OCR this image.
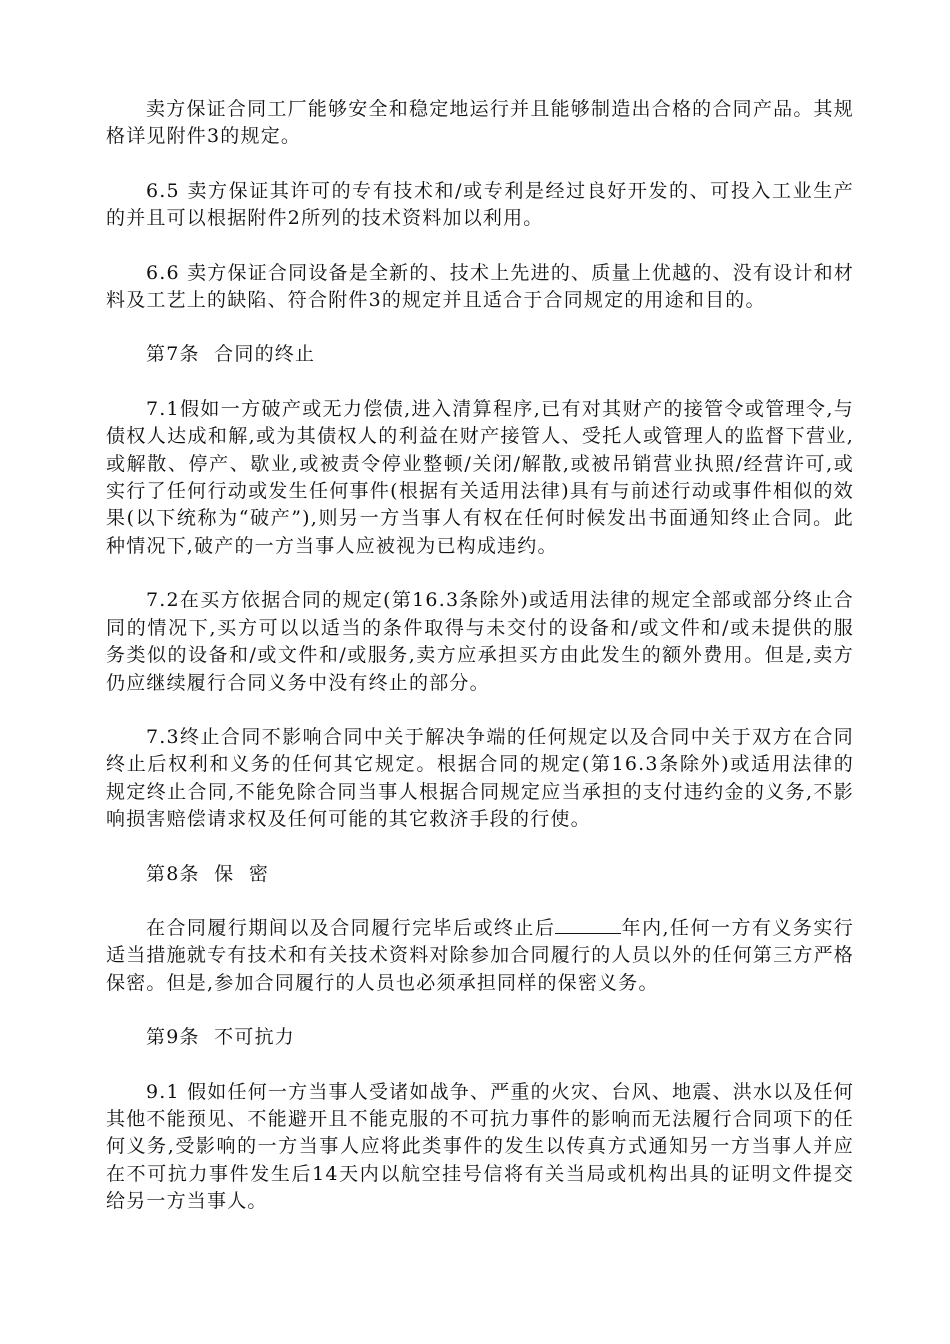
卖方保证合同工厂能够安全和稳定地运行并且能够制造出合格的合同产品。其规格详见附件3的规定。

6.5 卖方保证其许可的专有技术和/或专利是经过良好开发的、可投入工业生产的并且可以根据附件2所列的技术资料加以利用。

6.6 卖方保证合同设备是全新的、技术上先进的、质量上优越的、没有设计和材料及工艺上的缺陷、符合附件3的规定并且适合于合同规定的用途和目的。

第7条  合同的终止

7.1假如一方破产或无力偿债,进入清算程序,已有对其财产的接管令或管理令,与债权人达成和解,或为其债权人的利益在财产接管人、受托人或管理人的监督下营业,或解散、停产、歇业,或被责令停业整顿/关闭/解散,或被吊销营业执照/经营许可,或实行了任何行动或发生任何事件(根据有关适用法律)具有与前述行动或事件相似的效果(以下统称为“破产”),则另一方当事人有权在任何时候发出书面通知终止合同。此种情况下,破产的一方当事人应被视为已构成违约。

7.2在买方依据合同的规定(第16.3条除外)或适用法律的规定全部或部分终止合同的情况下,买方可以以适当的条件取得与未交付的设备和/或文件和/或未提供的服务类似的设备和/或文件和/或服务,卖方应承担买方由此发生的额外费用。但是,卖方仍应继续履行合同义务中没有终止的部分。

7.3终止合同不影响合同中关于解决争端的任何规定以及合同中关于双方在合同终止后权利和义务的任何其它规定。根据合同的规定(第16.3条除外)或适用法律的规定终止合同,不能免除合同当事人根据合同规定应当承担的支付违约金的义务,不影响损害赔偿请求权及任何可能的其它救济手段的行使。

第8条  保  密

在合同履行期间以及合同履行完毕后或终止后	年内,任何一方有义务实行适当措施就专有技术和有关技术资料对除参加合同履行的人员以外的任何第三方严格保密。但是,参加合同履行的人员也必须承担同样的保密义务。

第9条  不可抗力

9.1 假如任何一方当事人受诸如战争、严重的火灾、台风、地震、洪水以及任何其他不能预见、不能避开且不能克服的不可抗力事件的影响而无法履行合同项下的任何义务,受影响的一方当事人应将此类事件的发生以传真方式通知另一方当事人并应在不可抗力事件发生后14天内以航空挂号信将有关当局或机构出具的证明文件提交给另一方当事人。
